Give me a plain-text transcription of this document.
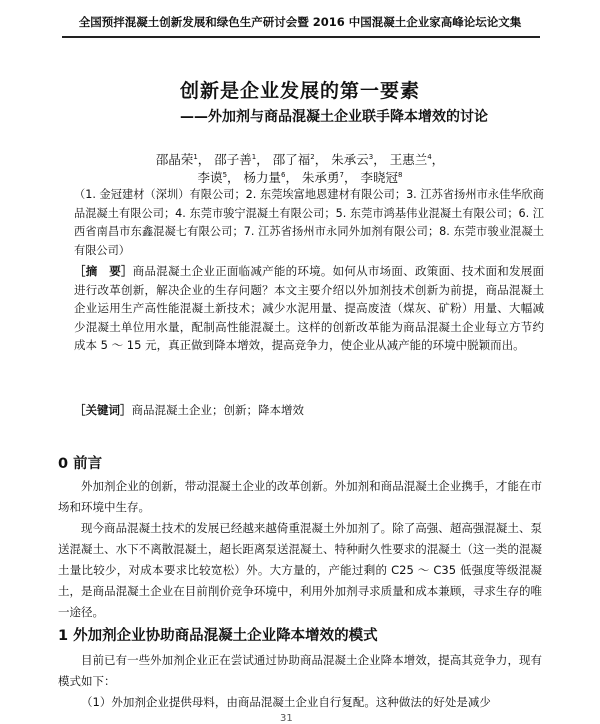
全国预拌混凝土创新发展和绿色生产研讨会暨 2016 中国混凝土企业家高峰论坛论文集
创新是企业发展的第一要素
——外加剂与商品混凝土企业联手降本增效的讨论
邵晶荣$^1$， 邵子善$^1$， 邵了福$^2$， 朱承云$^3$， 王惠兰$^4$，
李谟$^5$， 杨力量$^6$， 朱承勇$^7$， 李晓冠$^8$
（1. 金冠建材（深圳）有限公司；2. 东莞埃富地恩建材有限公司；3. 江苏省扬州市永佳华欣商品混凝土有限公司；4. 东莞市骏宁混凝土有限公司；5. 东莞市鸿基伟业混凝土有限公司；6. 江西省南昌市东鑫混凝七有限公司；7. 江苏省扬州市永同外加剂有限公司；8. 东莞市骏业混凝土有限公司）
［摘　要］商品混凝土企业正面临减产能的环境。如何从市场面、政策面、技术面和发展面进行改革创新，解决企业的生存问题？本文主要介绍以外加剂技术创新为前提，商品混凝土企业运用生产高性能混凝土新技术；减少水泥用量、提高废渣（煤灰、矿粉）用量、大幅减少混凝土单位用水量，配制高性能混凝土。这样的创新改革能为商品混凝土企业每立方节约成本 5 ～ 15 元，真正做到降本增效，提高竞争力，使企业从减产能的环境中脱颖而出。
［关键词］商品混凝土企业；创新；降本增效
0 前言
外加剂企业的创新，带动混凝土企业的改革创新。外加剂和商品混凝土企业携手，才能在市场和环境中生存。
现今商品混凝土技术的发展已经越来越倚重混凝土外加剂了。除了高强、超高强混凝土、泵送混凝土、水下不离散混凝土，超长距离泵送混凝土、特种耐久性要求的混凝土（这一类的混凝土量比较少，对成本要求比较宽松）外。大方量的，产能过剩的 C25 ～ C35 低强度等级混凝土，是商品混凝土企业在目前削价竞争环境中，利用外加剂寻求质量和成本兼顾，寻求生存的唯一途径。
1 外加剂企业协助商品混凝土企业降本增效的模式
目前已有一些外加剂企业正在尝试通过协助商品混凝土企业降本增效，提高其竞争力，现有模式如下：
（1）外加剂企业提供母料，由商品混凝土企业自行复配。这种做法的好处是减少
31
